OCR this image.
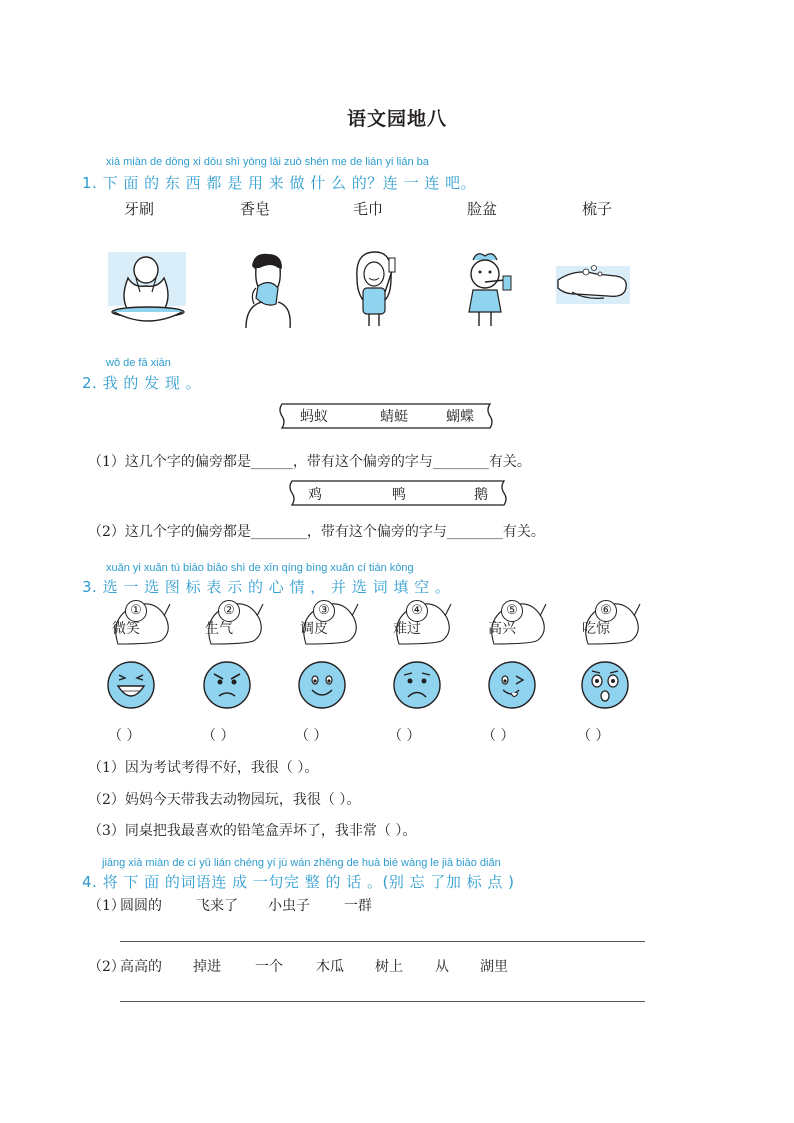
语文园地八
xià miàn de dōng xi dōu shì yòng lái zuò shén me de lián yi lián ba
1. 下 面 的 东 西 都 是 用 来 做 什 么 的？连 一 连 吧。
牙刷	香皂	毛巾	脸盆	梳子
wǒ de fā xiàn
2. 我 的 发 现 。
蚂蚁	蜻蜓	蝴蝶
（1）这几个字的偏旁都是______，带有这个偏旁的字与________有关。
鸡	鸭	鹅
（2）这几个字的偏旁都是________，带有这个偏旁的字与________有关。
xuǎn yi xuǎn tú biāo biǎo shì de xīn qíng bìng xuǎn cí tián kòng
3. 选 一 选 图 标 表 示 的 心 情 ， 并 选 词 填 空 。
①
微笑
②
生气
③
调皮
④
难过
⑤
高兴
⑥
吃惊
（ ）	（ ）	（ ）	（ ）	（ ）	（ ）
（1）因为考试考得不好，我很（ ）。
（2）妈妈今天带我去动物园玩，我很（ ）。
（3）同桌把我最喜欢的铅笔盒弄坏了，我非常（ ）。
jiāng xià miàn de cí yǔ lián chéng yí jù wán zhěng de huà bié wàng le jiā biāo diǎn
4. 将 下 面 的词语连 成 一句完 整 的 话 。(别 忘 了加 标 点 )
（1）
圆圆的 飞来了 小虫子 一群
（2）
高高的 掉进 一个 木瓜 树上 从 湖里
